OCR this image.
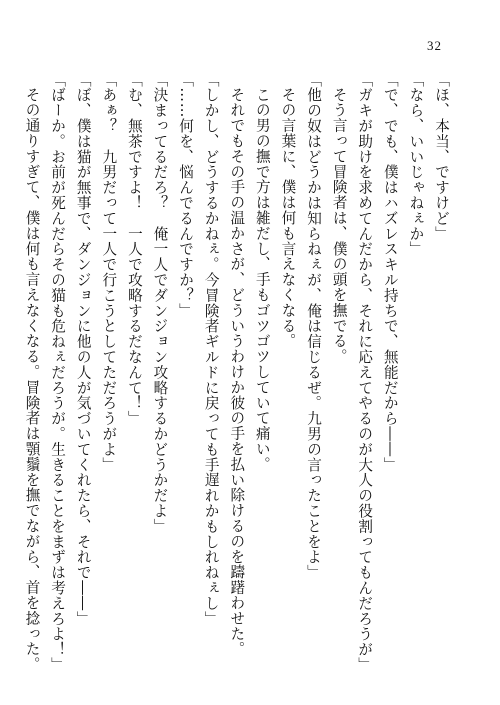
32
「ほ、本当、ですけど」
「なら、いいじゃねぇか」
「で、でも、僕はハズレスキル持ちで、無能だから――」
「ガキが助けを求めてんだから、それに応えてやるのが大人の役割ってもんだろうが」
そう言って冒険者は、僕の頭を撫でる。
「他の奴はどうかは知らねぇが、俺は信じるぜ。九男の言ったことをよ」
その言葉に、僕は何も言えなくなる。
この男の撫で方は雑だし、手もゴツゴツしていて痛い。
それでもその手の温かさが、どういうわけか彼の手を払い除けるのを躊躇わせた。
「しかし、どうするかねぇ。今冒険者ギルドに戻っても手遅れかもしれねぇし」
「……何を、悩んでるんですか？」
「決まってるだろ？　俺一人でダンジョン攻略するかどうかだよ」
「む、無茶ですよ！　一人で攻略するだなんて！」
「あぁ？　九男だって一人で行こうとしてただろうがよ」
「ぼ、僕は猫が無事で、ダンジョンに他の人が気づいてくれたら、それで――」
「ばーか。お前が死んだらその猫も危ねぇだろうが。生きることをまずは考えろよ！」
その通りすぎて、僕は何も言えなくなる。冒険者は顎鬚を撫でながら、首を捻った。
